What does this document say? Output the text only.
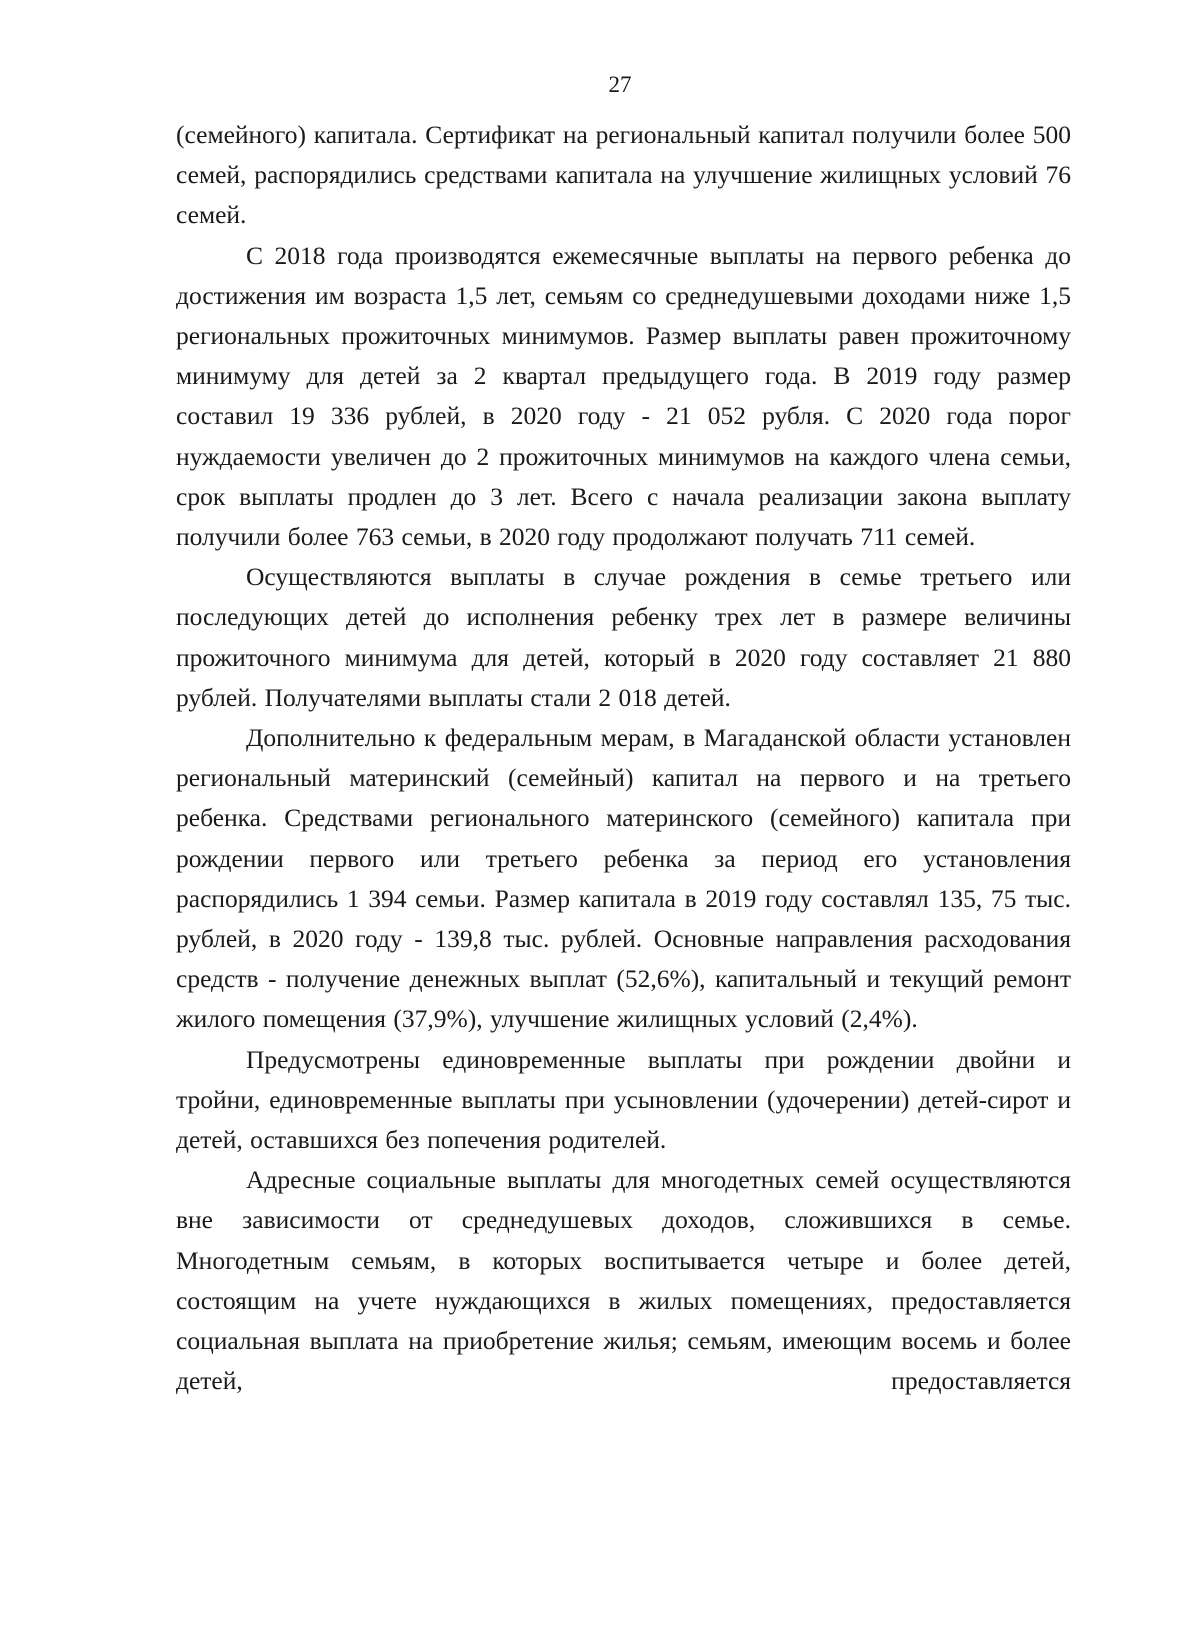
27

(семейного) капитала. Сертификат на региональный капитал получили более 500 семей, распорядились средствами капитала на улучшение жилищных условий 76 семей.

С 2018 года производятся ежемесячные выплаты на первого ребенка до достижения им возраста 1,5 лет, семьям со среднедушевыми доходами ниже 1,5 региональных прожиточных минимумов. Размер выплаты равен прожиточному минимуму для детей за 2 квартал предыдущего года. В 2019 году размер составил 19 336 рублей, в 2020 году - 21 052 рубля. С 2020 года порог нуждаемости увеличен до 2 прожиточных минимумов на каждого члена семьи, срок выплаты продлен до 3 лет. Всего с начала реализации закона выплату получили более 763 семьи, в 2020 году продолжают получать 711 семей.

Осуществляются выплаты в случае рождения в семье третьего или последующих детей до исполнения ребенку трех лет в размере величины прожиточного минимума для детей, который в 2020 году составляет 21 880 рублей. Получателями выплаты стали 2 018 детей.

Дополнительно к федеральным мерам, в Магаданской области установлен региональный материнский (семейный) капитал на первого и на третьего ребенка. Средствами регионального материнского (семейного) капитала при рождении первого или третьего ребенка за период его установления распорядились 1 394 семьи. Размер капитала в 2019 году составлял 135, 75 тыс. рублей, в 2020 году - 139,8 тыс. рублей. Основные направления расходования средств - получение денежных выплат (52,6%), капитальный и текущий ремонт жилого помещения (37,9%), улучшение жилищных условий (2,4%).

Предусмотрены единовременные выплаты при рождении двойни и тройни, единовременные выплаты при усыновлении (удочерении) детей-сирот и детей, оставшихся без попечения родителей.

Адресные социальные выплаты для многодетных семей осуществляются вне зависимости от среднедушевых доходов, сложившихся в семье. Многодетным семьям, в которых воспитывается четыре и более детей, состоящим на учете нуждающихся в жилых помещениях, предоставляется социальная выплата на приобретение жилья; семьям, имеющим восемь и более детей, предоставляется
